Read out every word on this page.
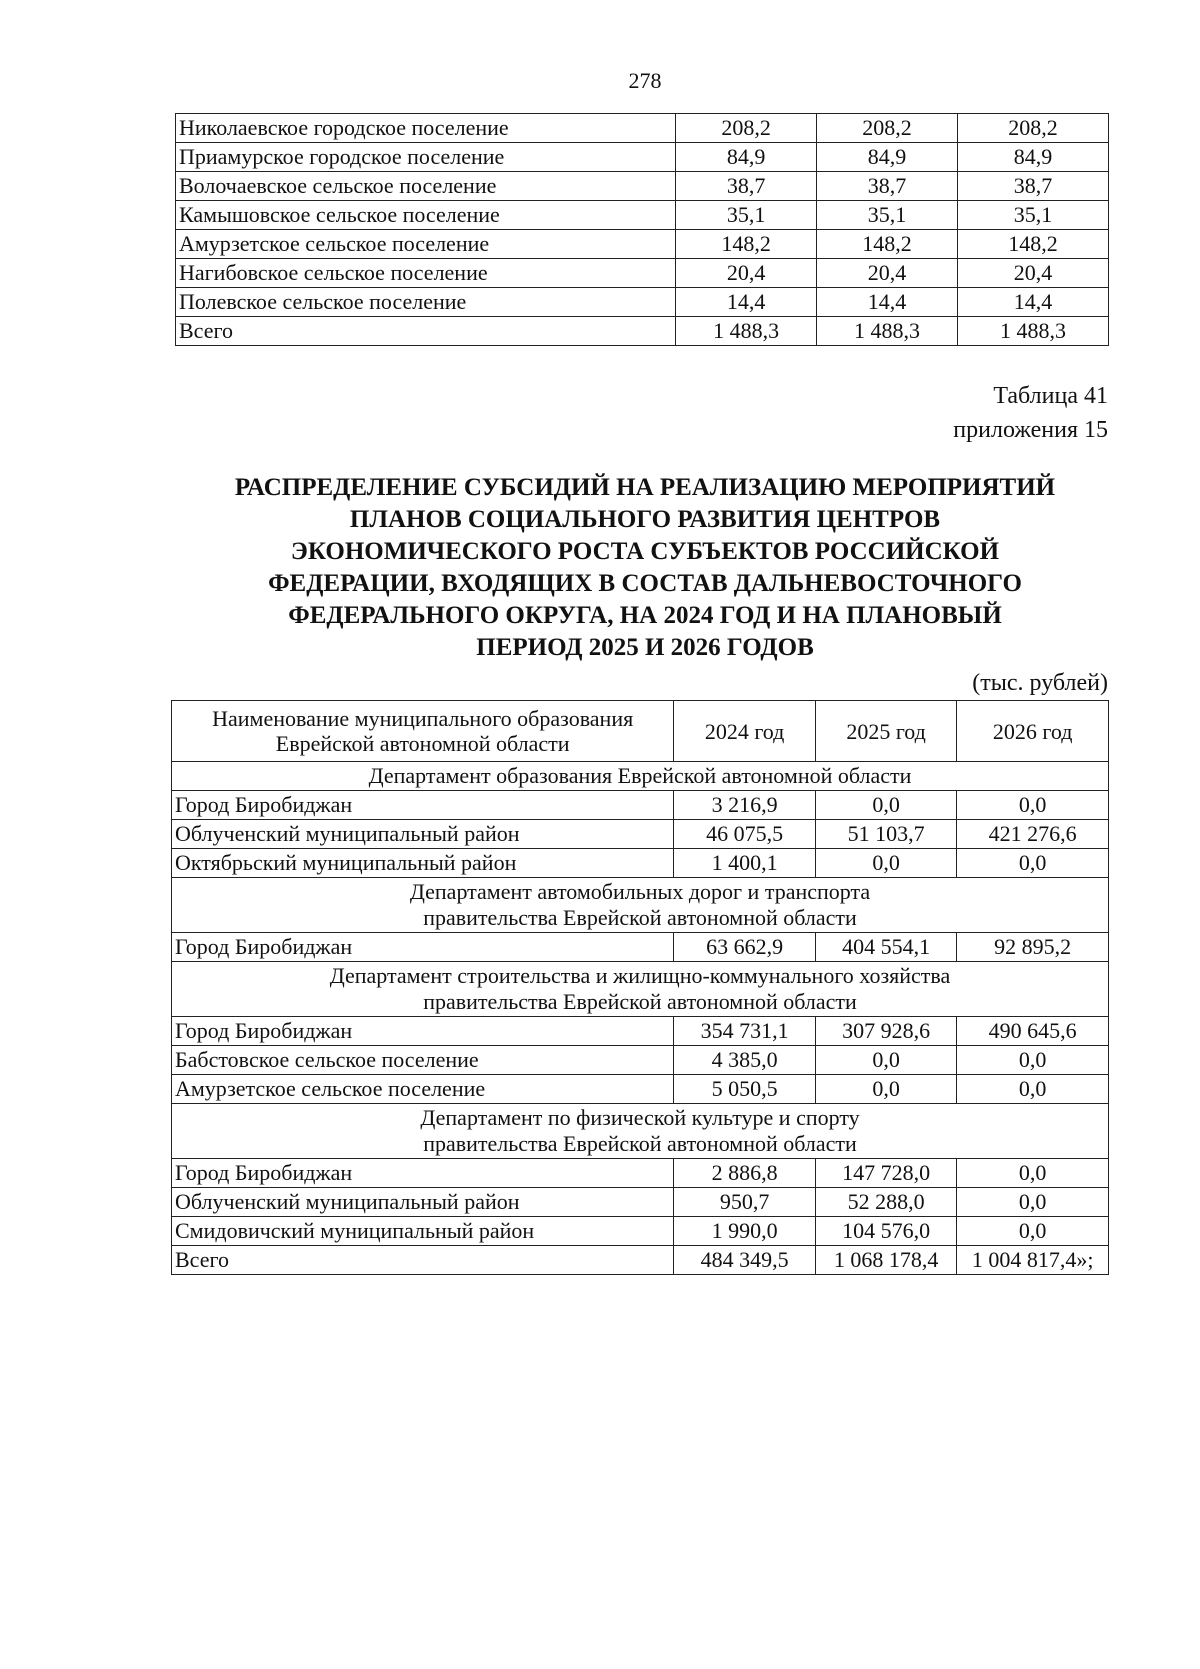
278
Николаевское городское поселение	208,2	208,2	208,2
Приамурское городское поселение	84,9	84,9	84,9
Волочаевское сельское поселение	38,7	38,7	38,7
Камышовское сельское поселение	35,1	35,1	35,1
Амурзетское сельское поселение	148,2	148,2	148,2
Нагибовское сельское поселение	20,4	20,4	20,4
Полевское сельское поселение	14,4	14,4	14,4
Всего	1 488,3	1 488,3	1 488,3
Таблица 41
приложения 15
РАСПРЕДЕЛЕНИЕ СУБСИДИЙ НА РЕАЛИЗАЦИЮ МЕРОПРИЯТИЙ
ПЛАНОВ СОЦИАЛЬНОГО РАЗВИТИЯ ЦЕНТРОВ
ЭКОНОМИЧЕСКОГО РОСТА СУБЪЕКТОВ РОССИЙСКОЙ
ФЕДЕРАЦИИ, ВХОДЯЩИХ В СОСТАВ ДАЛЬНЕВОСТОЧНОГО
ФЕДЕРАЛЬНОГО ОКРУГА, НА 2024 ГОД И НА ПЛАНОВЫЙ
ПЕРИОД 2025 И 2026 ГОДОВ
(тыс. рублей)
Наименование муниципального образования
Еврейской автономной области	2024 год	2025 год	2026 год
Департамент образования Еврейской автономной области			
Город Биробиджан	3 216,9	0,0	0,0
Облученский муниципальный район	46 075,5	51 103,7	421 276,6
Октябрьский муниципальный район	1 400,1	0,0	0,0

Департамент автомобильных дорог и транспорта
правительства Еврейской автономной области			

Город Биробиджан	63 662,9	404 554,1	92 895,2

Департамент строительства и жилищно-коммунального хозяйства
правительства Еврейской автономной области			

Город Биробиджан	354 731,1	307 928,6	490 645,6
Бабстовское сельское поселение	4 385,0	0,0	0,0
Амурзетское сельское поселение	5 050,5	0,0	0,0

Департамент по физической культуре и спорту
правительства Еврейской автономной области			

Город Биробиджан	2 886,8	147 728,0	0,0
Облученский муниципальный район	950,7	52 288,0	0,0
Смидовичский муниципальный район	1 990,0	104 576,0	0,0
Всего	484 349,5	1 068 178,4	1 004 817,4»;
